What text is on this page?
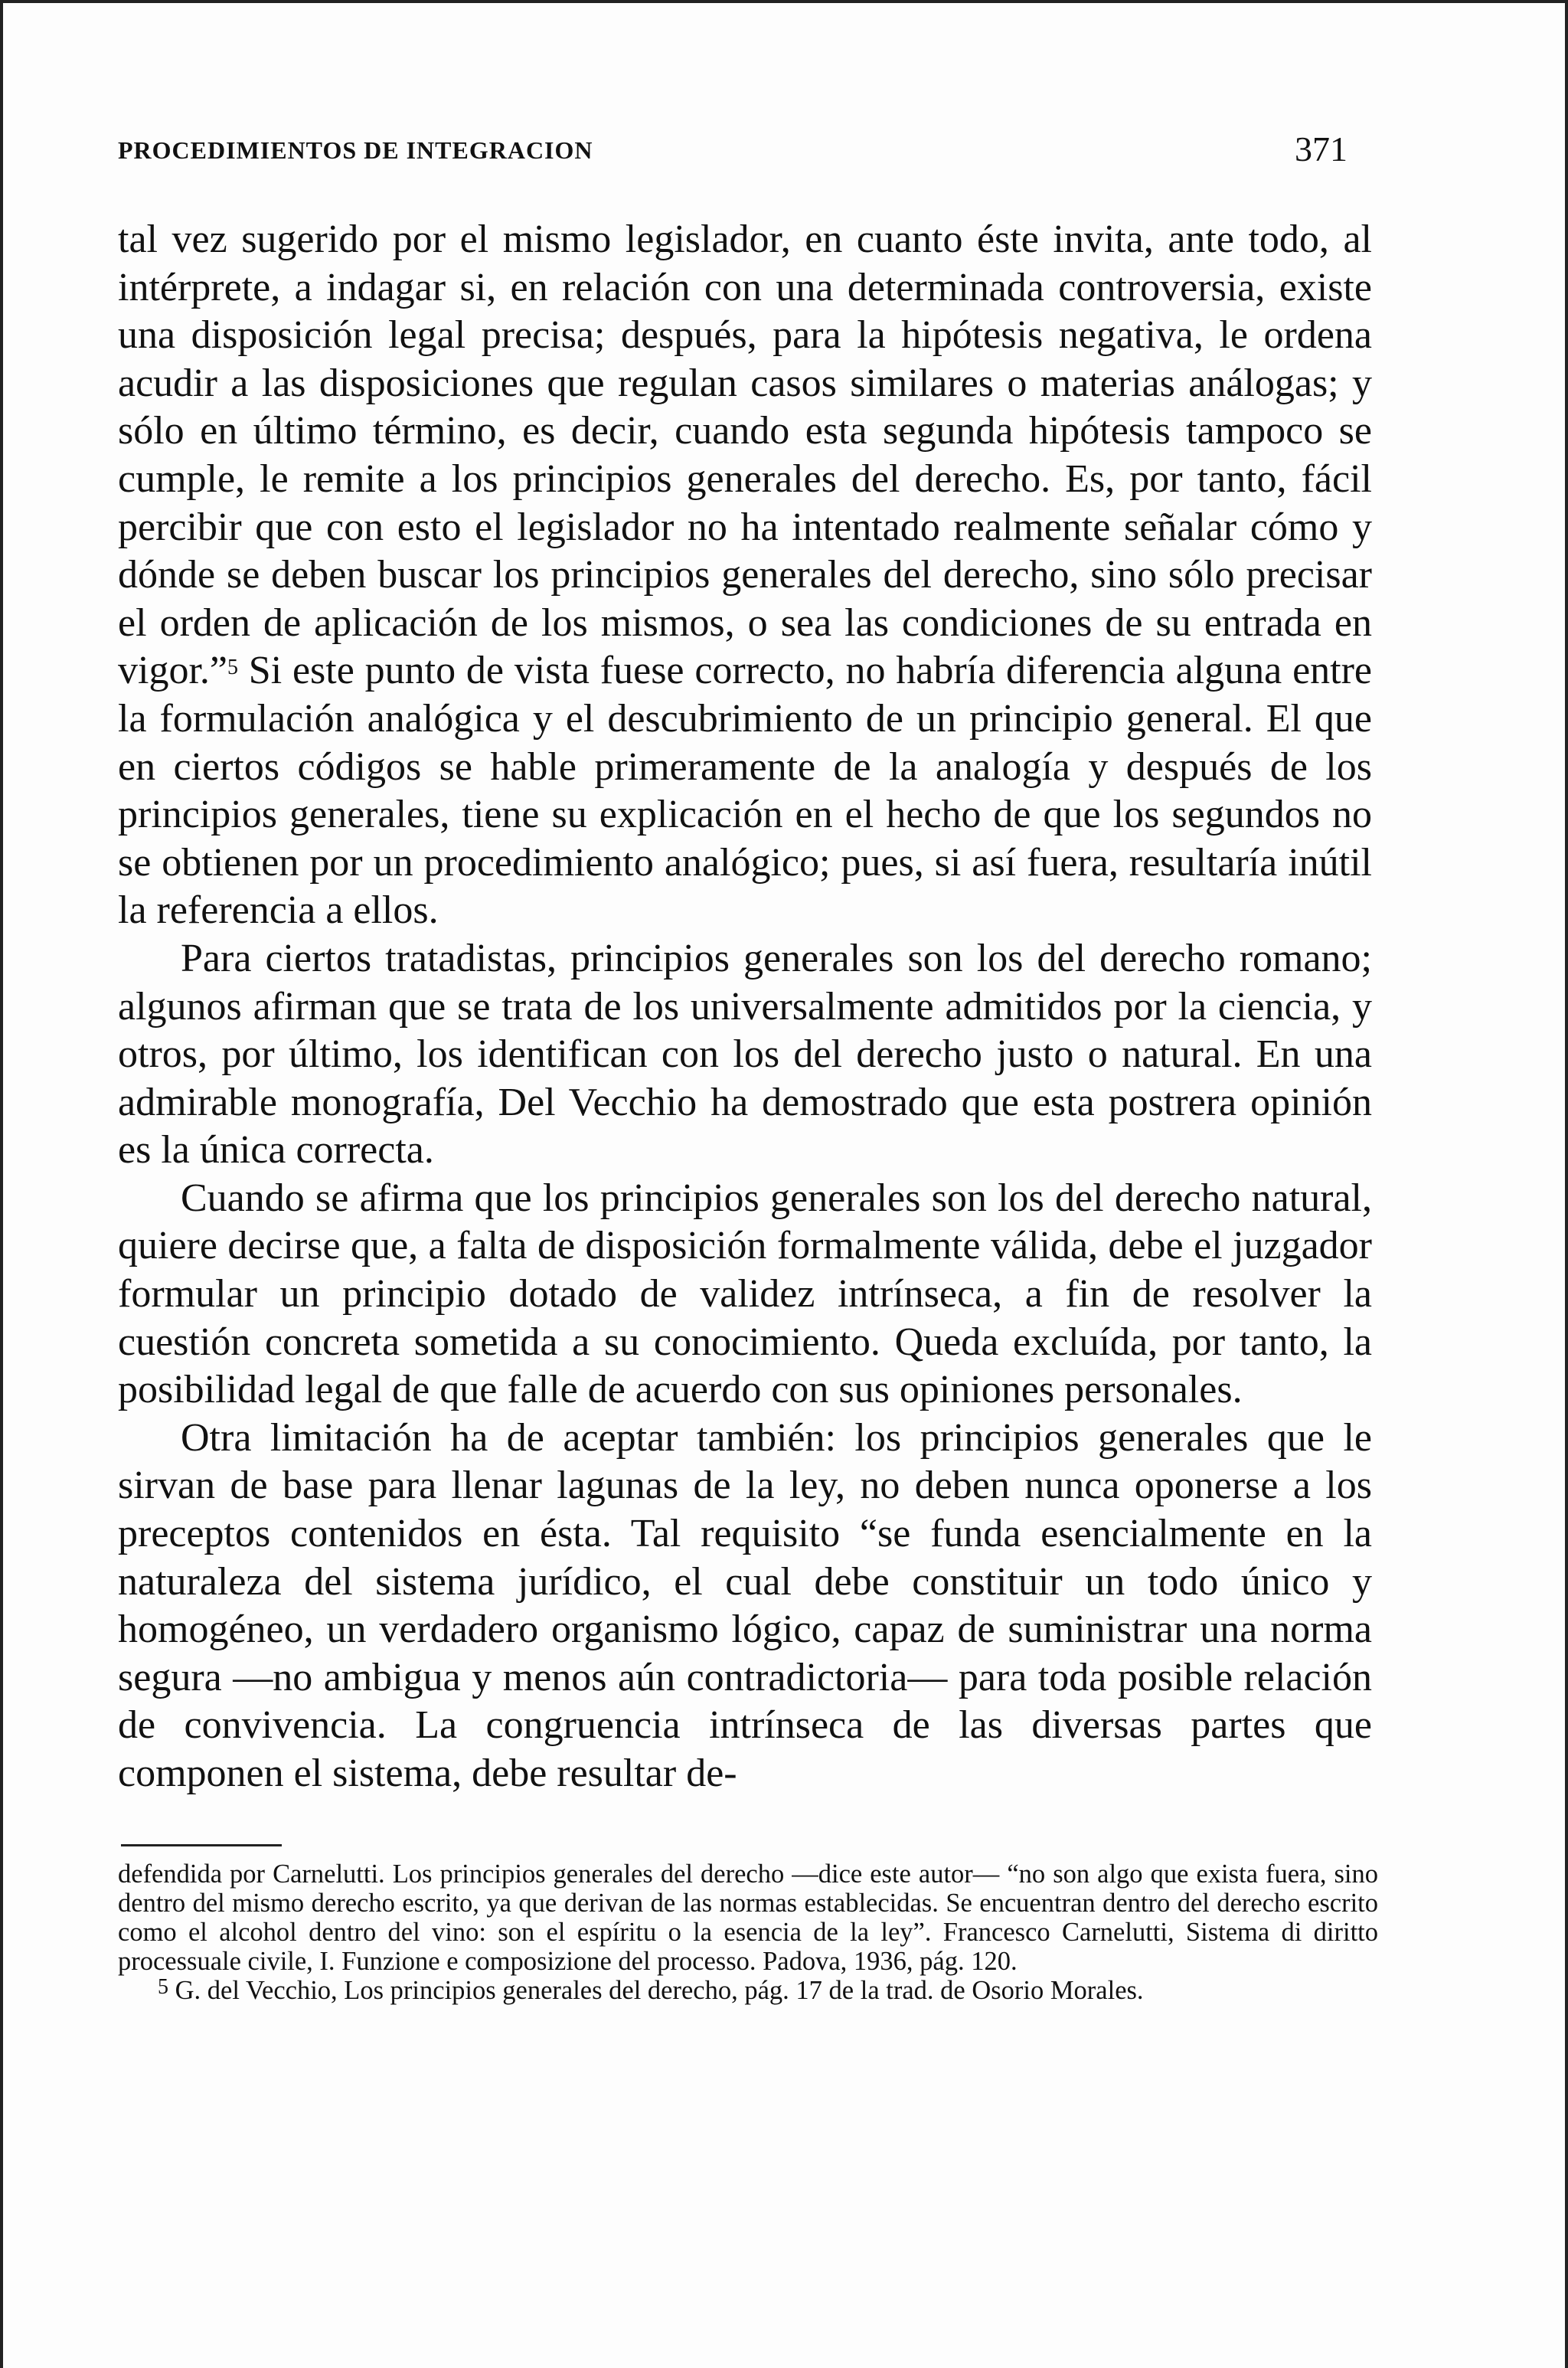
PROCEDIMIENTOS DE INTEGRACION	371

tal vez sugerido por el mismo legislador, en cuanto éste invita, ante todo, al intérprete, a indagar si, en relación con una determinada controversia, existe una disposición legal precisa; después, para la hipótesis negativa, le ordena acudir a las disposiciones que regulan casos similares o materias análogas; y sólo en último término, es decir, cuando esta segunda hipótesis tampoco se cumple, le remite a los principios generales del derecho. Es, por tanto, fácil percibir que con esto el legislador no ha intentado realmente señalar cómo y dónde se deben buscar los principios generales del derecho, sino sólo precisar el orden de aplicación de los mismos, o sea las condiciones de su entrada en vigor.”$^5$ Si este punto de vista fuese correcto, no habría diferencia alguna entre la formulación analógica y el descubrimiento de un principio general. El que en ciertos códigos se hable primeramente de la analogía y después de los principios generales, tiene su explicación en el hecho de que los segundos no se obtienen por un procedimiento analógico; pues, si así fuera, resultaría inútil la referencia a ellos.

Para ciertos tratadistas, principios generales son los del derecho romano; algunos afirman que se trata de los universalmente admitidos por la ciencia, y otros, por último, los identifican con los del derecho justo o natural. En una admirable monografía, Del Vecchio ha demostrado que esta postrera opinión es la única correcta.

Cuando se afirma que los principios generales son los del derecho natural, quiere decirse que, a falta de disposición formalmente válida, debe el juzgador formular un principio dotado de validez intrínseca, a fin de resolver la cuestión concreta sometida a su conocimiento. Queda excluída, por tanto, la posibilidad legal de que falle de acuerdo con sus opiniones personales.

Otra limitación ha de aceptar también: los principios generales que le sirvan de base para llenar lagunas de la ley, no deben nunca oponerse a los preceptos contenidos en ésta. Tal requisito “se funda esencialmente en la naturaleza del sistema jurídico, el cual debe constituir un todo único y homogéneo, un verdadero organismo lógico, capaz de suministrar una norma segura —no ambigua y menos aún contradictoria— para toda posible relación de convivencia. La congruencia intrínseca de las diversas partes que componen el sistema, debe resultar de-

defendida por Carnelutti. Los principios generales del derecho —dice este autor— “no son algo que exista fuera, sino dentro del mismo derecho escrito, ya que derivan de las normas establecidas. Se encuentran dentro del derecho escrito como el alcohol dentro del vino: son el espíritu o la esencia de la ley”. Francesco Carnelutti, Sistema di diritto processuale civile, I. Funzione e composizione del processo. Padova, 1936, pág. 120.

$^5$ G. del Vecchio, Los principios generales del derecho, pág. 17 de la trad. de Osorio Morales.
